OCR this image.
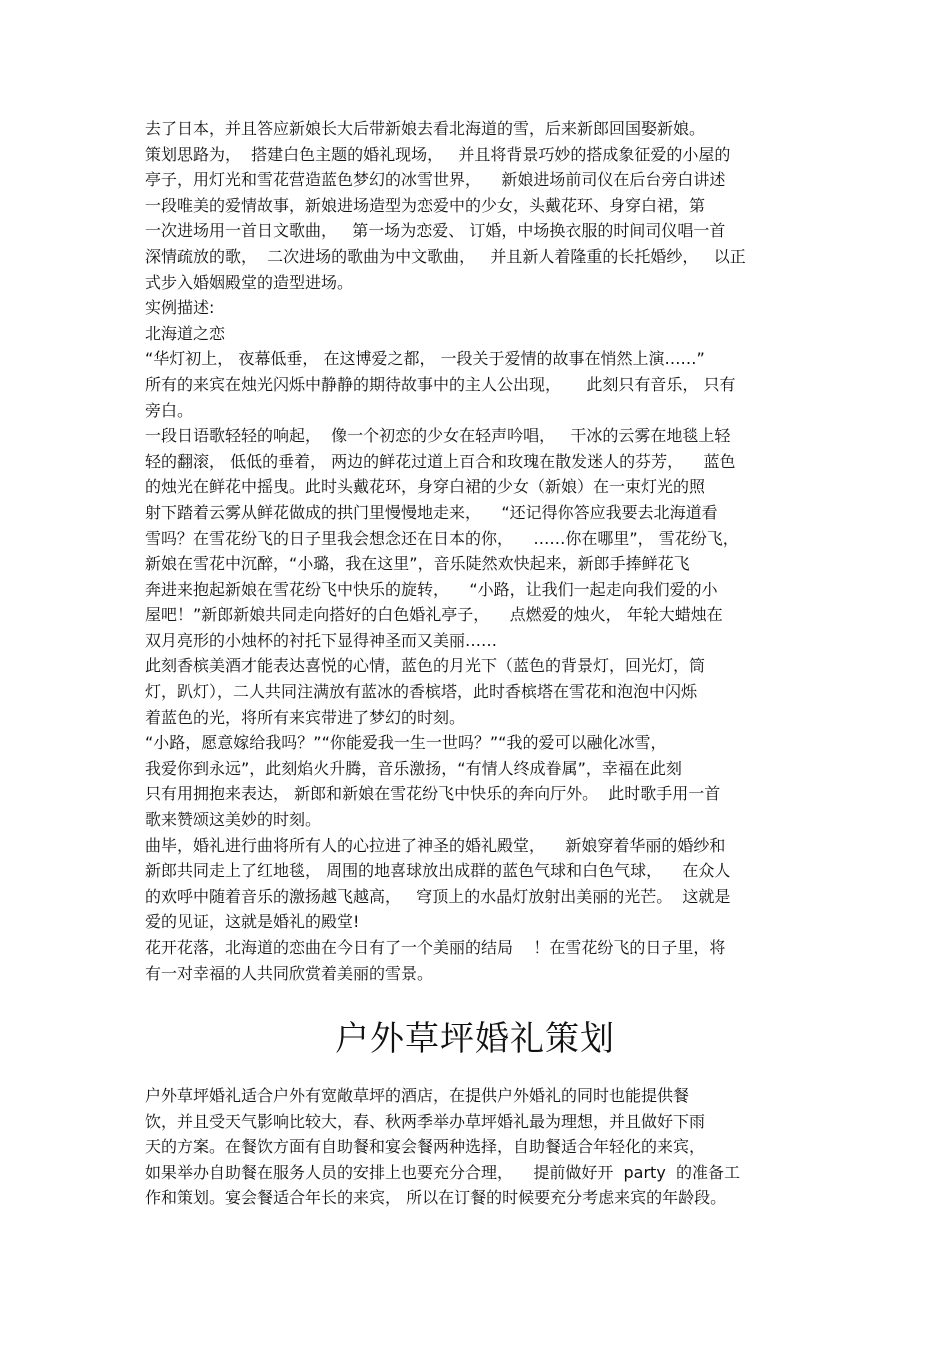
去了日本，并且答应新娘长大后带新娘去看北海道的雪，后来新郎回国娶新娘。
策划思路为，  搭建白色主题的婚礼现场，   并且将背景巧妙的搭成象征爱的小屋的
亭子，用灯光和雪花营造蓝色梦幻的冰雪世界，    新娘进场前司仪在后台旁白讲述
一段唯美的爱情故事，新娘进场造型为恋爱中的少女，头戴花环、身穿白裙，第
一次进场用一首日文歌曲，   第一场为恋爱、 订婚，中场换衣服的时间司仪唱一首
深情疏放的歌，  二次进场的歌曲为中文歌曲，   并且新人着隆重的长托婚纱，   以正
式步入婚姻殿堂的造型进场。
实例描述:
北海道之恋
“华灯初上， 夜幕低垂， 在这博爱之都， 一段关于爱情的故事在悄然上演……”
所有的来宾在烛光闪烁中静静的期待故事中的主人公出现，     此刻只有音乐， 只有
旁白。
一段日语歌轻轻的响起，  像一个初恋的少女在轻声吟唱，   干冰的云雾在地毯上轻
轻的翻滚， 低低的垂着， 两边的鲜花过道上百合和玫瑰在散发迷人的芬芳，    蓝色
的烛光在鲜花中摇曳。此时头戴花环，身穿白裙的少女（新娘）在一束灯光的照
射下踏着云雾从鲜花做成的拱门里慢慢地走来，    “还记得你答应我要去北海道看
雪吗？在雪花纷飞的日子里我会想念还在日本的你，    ……你在哪里”， 雪花纷飞，
新娘在雪花中沉醉，“小璐，我在这里”，音乐陡然欢快起来，新郎手捧鲜花飞
奔进来抱起新娘在雪花纷飞中快乐的旋转，    “小路，让我们一起走向我们爱的小
屋吧！”新郎新娘共同走向搭好的白色婚礼亭子，    点燃爱的烛火， 年轮大蜡烛在
双月亮形的小烛杯的衬托下显得神圣而又美丽……
此刻香槟美酒才能表达喜悦的心情，蓝色的月光下（蓝色的背景灯，回光灯，筒
灯，趴灯），二人共同注满放有蓝冰的香槟塔，此时香槟塔在雪花和泡泡中闪烁
着蓝色的光，将所有来宾带进了梦幻的时刻。
“小路，愿意嫁给我吗？”“你能爱我一生一世吗？”“我的爱可以融化冰雪，
我爱你到永远”，此刻焰火升腾，音乐激扬，“有情人终成眷属”，幸福在此刻
只有用拥抱来表达， 新郎和新娘在雪花纷飞中快乐的奔向厅外。  此时歌手用一首
歌来赞颂这美妙的时刻。
曲毕，婚礼进行曲将所有人的心拉进了神圣的婚礼殿堂，    新娘穿着华丽的婚纱和
新郎共同走上了红地毯， 周围的地喜球放出成群的蓝色气球和白色气球，    在众人
的欢呼中随着音乐的激扬越飞越高，   穹顶上的水晶灯放射出美丽的光芒。  这就是
爱的见证，这就是婚礼的殿堂!
花开花落，北海道的恋曲在今日有了一个美丽的结局    ！在雪花纷飞的日子里，将
有一对幸福的人共同欣赏着美丽的雪景。
户外草坪婚礼策划
户外草坪婚礼适合户外有宽敞草坪的酒店，在提供户外婚礼的同时也能提供餐
饮，并且受天气影响比较大，春、秋两季举办草坪婚礼最为理想，并且做好下雨
天的方案。在餐饮方面有自助餐和宴会餐两种选择，自助餐适合年轻化的来宾，
如果举办自助餐在服务人员的安排上也要充分合理，    提前做好开  party  的准备工
作和策划。宴会餐适合年长的来宾， 所以在订餐的时候要充分考虑来宾的年龄段。
